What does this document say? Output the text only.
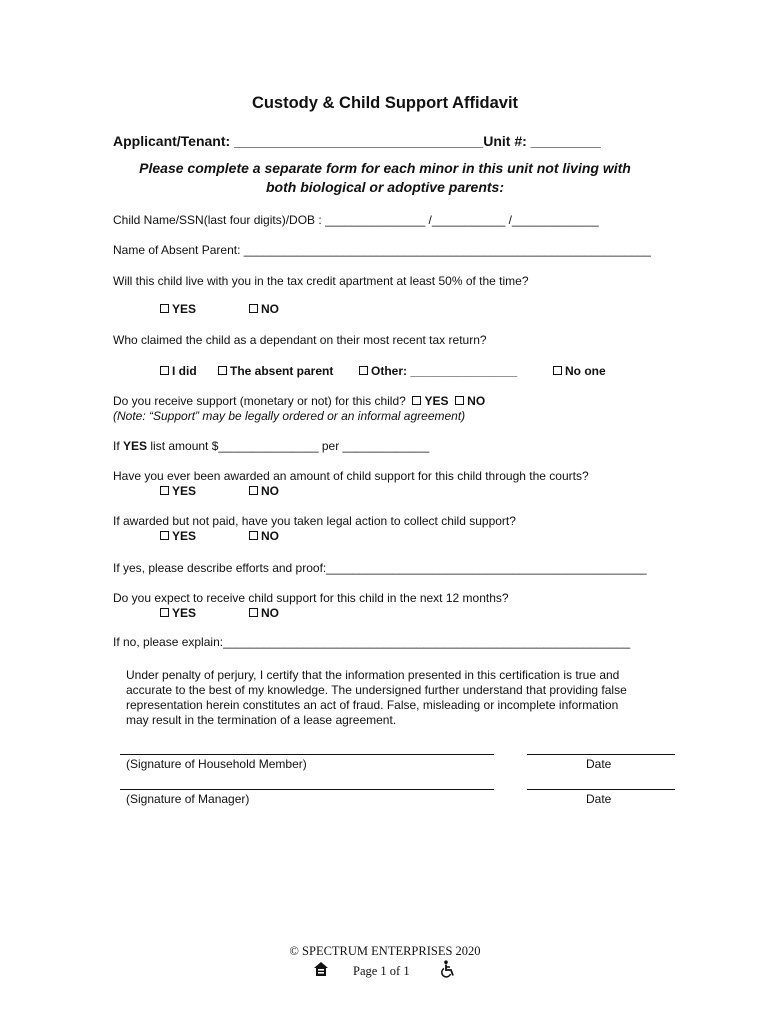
Custody & Child Support Affidavit
Applicant/Tenant: ________________________________Unit #: _________
Please complete a separate form for each minor in this unit not living with
both biological or adoptive parents:
Child Name/SSN(last four digits)/DOB : _______________ /___________ /_____________
Name of Absent Parent: _____________________________________________________________
Will this child live with you in the tax credit apartment at least 50% of the time?
YES	NO
Who claimed the child as a dependant on their most recent tax return?
I did	The absent parent	Other: ________________	No one
Do you receive support (monetary or not) for this child? YES NO
(Note: “Support” may be legally ordered or an informal agreement)
If YES list amount $_______________ per _____________
Have you ever been awarded an amount of child support for this child through the courts?
YES	NO
If awarded but not paid, have you taken legal action to collect child support?
YES	NO
If yes, please describe efforts and proof:________________________________________________
Do you expect to receive child support for this child in the next 12 months?
YES	NO
If no, please explain:_____________________________________________________________
Under penalty of perjury, I certify that the information presented in this certification is true and
accurate to the best of my knowledge. The undersigned further understand that providing false
representation herein constitutes an act of fraud. False, misleading or incomplete information
may result in the termination of a lease agreement.
(Signature of Household Member)	Date
(Signature of Manager)	Date
© SPECTRUM ENTERPRISES 2020
Page 1 of 1
